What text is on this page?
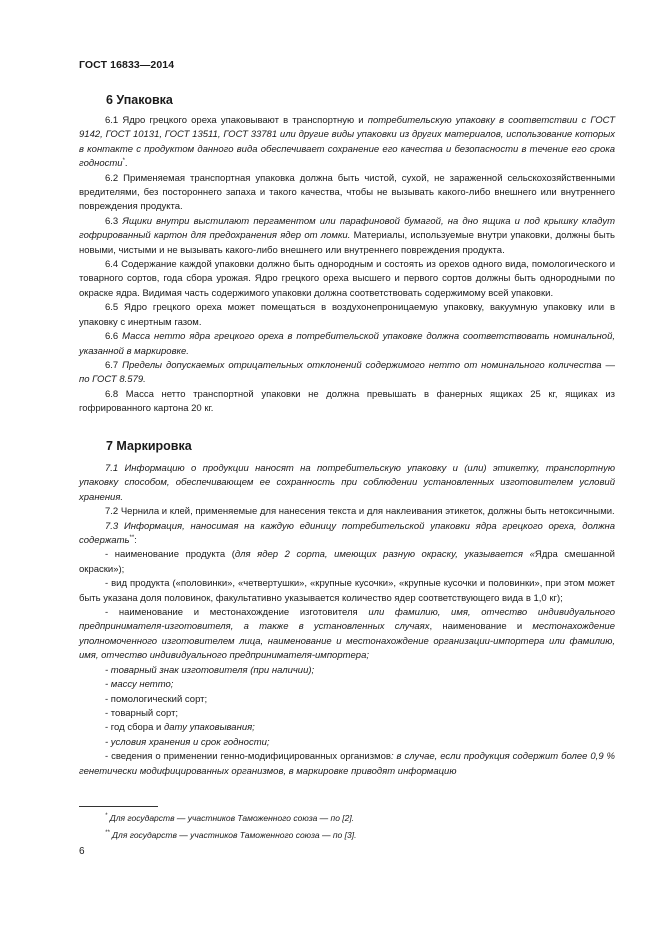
ГОСТ 16833—2014
6 Упаковка

6.1 Ядро грецкого ореха упаковывают в транспортную и потребительскую упаковку в соответствии с ГОСТ 9142, ГОСТ 10131, ГОСТ 13511, ГОСТ 33781 или другие виды упаковки из других материалов, использование которых в контакте с продуктом данного вида обеспечивает сохранение его качества и безопасности в течение его срока годности*.

6.2 Применяемая транспортная упаковка должна быть чистой, сухой, не зараженной сельскохозяйственными вредителями, без постороннего запаха и такого качества, чтобы не вызывать какого-либо внешнего или внутреннего повреждения продукта.

6.3 Ящики внутри выстилают пергаментом или парафиновой бумагой, на дно ящика и под крышку кладут гофрированный картон для предохранения ядер от ломки. Материалы, используемые внутри упаковки, должны быть новыми, чистыми и не вызывать какого-либо внешнего или внутреннего повреждения продукта.

6.4 Содержание каждой упаковки должно быть однородным и состоять из орехов одного вида, помологического и товарного сортов, года сбора урожая. Ядро грецкого ореха высшего и первого сортов должны быть однородными по окраске ядра. Видимая часть содержимого упаковки должна соответствовать содержимому всей упаковки.

6.5 Ядро грецкого ореха может помещаться в воздухонепроницаемую упаковку, вакуумную упаковку или в упаковку с инертным газом.

6.6 Масса нетто ядра грецкого ореха в потребительской упаковке должна соответствовать номинальной, указанной в маркировке.

6.7 Пределы допускаемых отрицательных отклонений содержимого нетто от номинального количества — по ГОСТ 8.579.

6.8 Масса нетто транспортной упаковки не должна превышать в фанерных ящиках 25 кг, ящиках из гофрированного картона 20 кг.

7 Маркировка

7.1 Информацию о продукции наносят на потребительскую упаковку и (или) этикетку, транспортную упаковку способом, обеспечивающем ее сохранность при соблюдении установленных изготовителем условий хранения.

7.2 Чернила и клей, применяемые для нанесения текста и для наклеивания этикеток, должны быть нетоксичными.

7.3 Информация, наносимая на каждую единицу потребительской упаковки ядра грецкого ореха, должна содержать**:

- наименование продукта (для ядер 2 сорта, имеющих разную окраску, указывается «Ядра смешанной окраски»);

- вид продукта («половинки», «четвертушки», «крупные кусочки», «крупные кусочки и половинки», при этом может быть указана доля половинок, факультативно указывается количество ядер соответствующего вида в 1,0 кг);

- наименование и местонахождение изготовителя или фамилию, имя, отчество индивидуального предпринимателя-изготовителя, а также в установленных случаях, наименование и местонахождение уполномоченного изготовителем лица, наименование и местонахождение организации-импортера или фамилию, имя, отчество индивидуального предпринимателя-импортера;

- товарный знак изготовителя (при наличии);

- массу нетто;

- помологический сорт;

- товарный сорт;

- год сбора и дату упаковывания;

- условия хранения и срок годности;

- сведения о применении генно-модифицированных организмов: в случае, если продукция содержит более 0,9 % генетически модифицированных организмов, в маркировке приводят информацию

* Для государств — участников Таможенного союза — по [2].
** Для государств — участников Таможенного союза — по [3].
6
